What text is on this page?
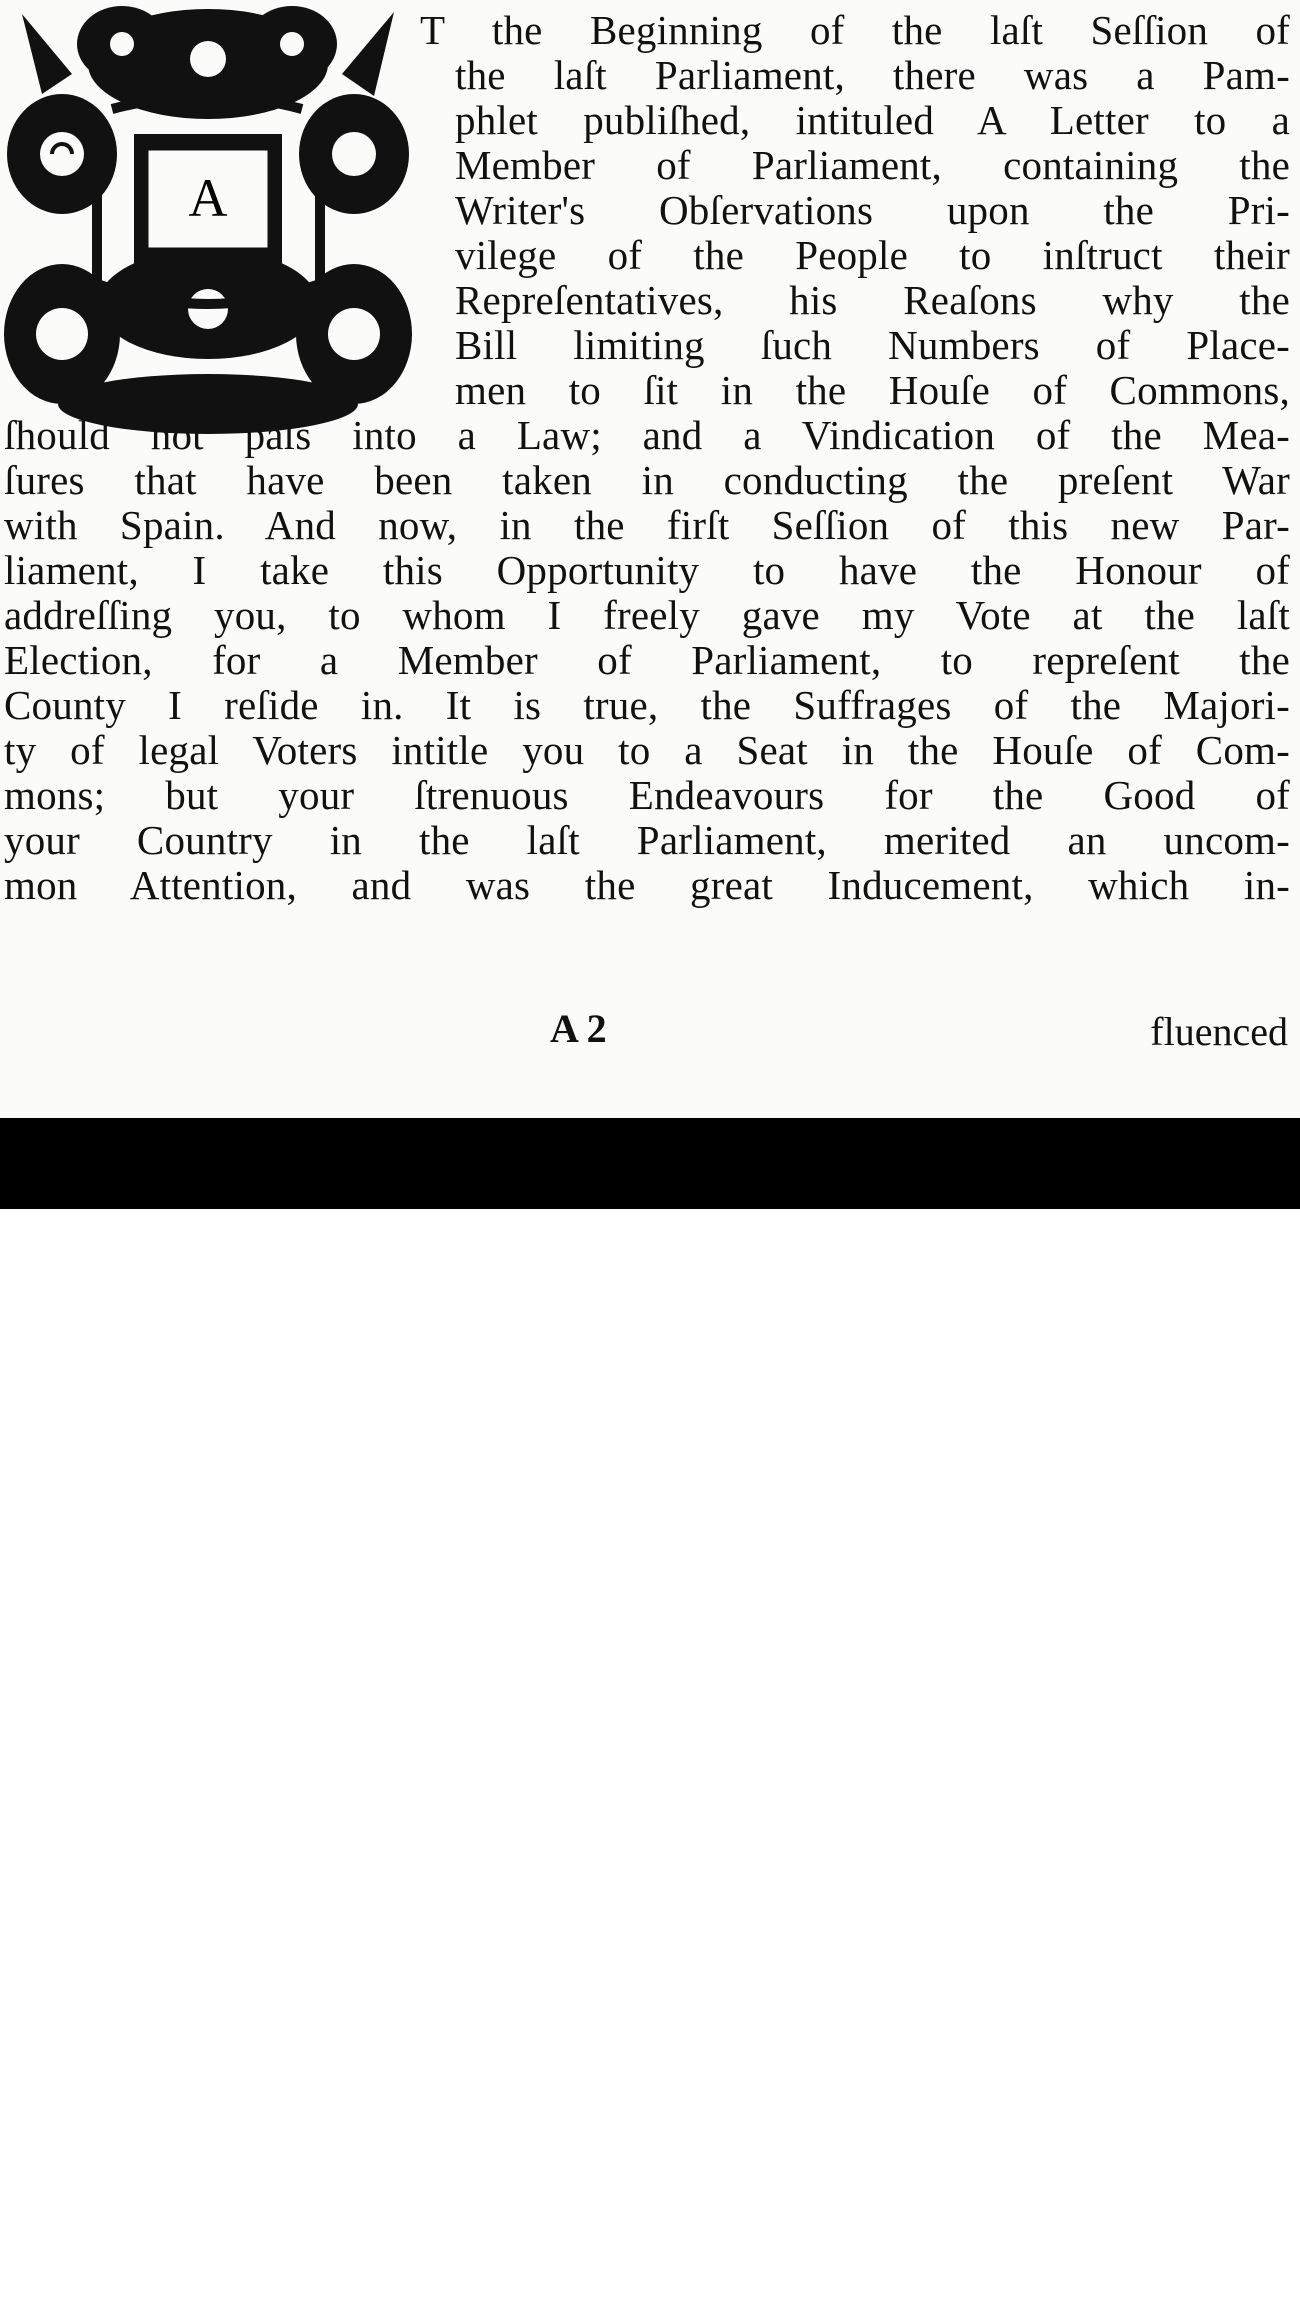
A
T the Beginning of the laſt Seſſion of
the laſt Parliament, there was a Pam-
phlet publiſhed, intituled A Letter to a
Member of Parliament, containing the
Writer's Obſervations upon the Pri-
vilege of the People to inſtruct their
Repreſentatives, his Reaſons why the
Bill limiting ſuch Numbers of Place-
men to ſit in the Houſe of Commons,
ſhould not paſs into a Law; and a Vindication of the Mea-
ſures that have been taken in conducting the preſent War
with Spain. And now, in the firſt Seſſion of this new Par-
liament, I take this Opportunity to have the Honour of
addreſſing you, to whom I freely gave my Vote at the laſt
Election, for a Member of Parliament, to repreſent the
County I reſide in. It is true, the Suffrages of the Majori-
ty of legal Voters intitle you to a Seat in the Houſe of Com-
mons; but your ſtrenuous Endeavours for the Good of
your Country in the laſt Parliament, merited an uncom-
mon Attention, and was the great Inducement, which in-
A 2	fluenced
alamy	P08K9R
